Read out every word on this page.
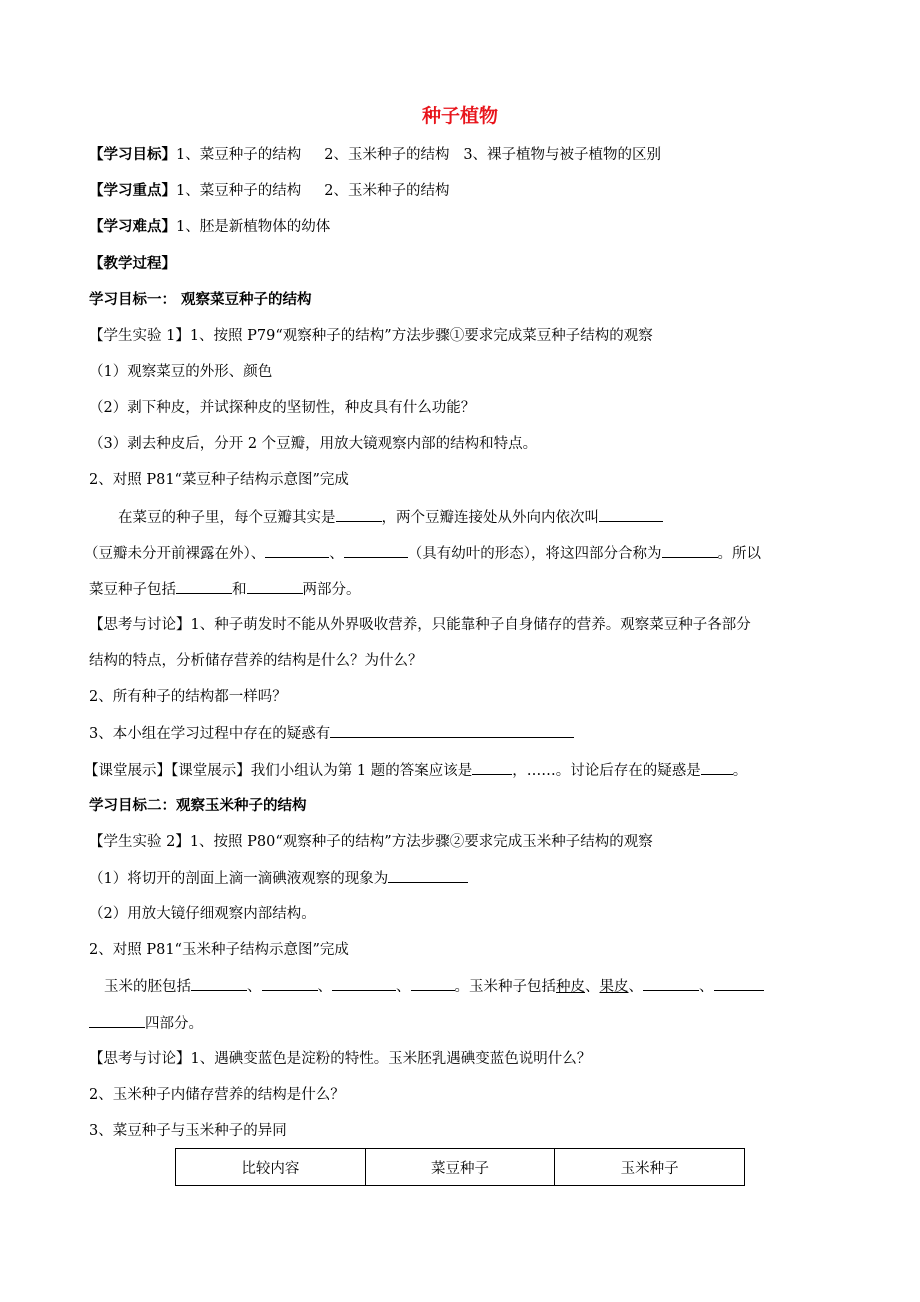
种子植物
【学习目标】1、菜豆种子的结构     2、玉米种子的结构   3、裸子植物与被子植物的区别
【学习重点】1、菜豆种子的结构     2、玉米种子的结构
【学习难点】1、胚是新植物体的幼体
【教学过程】
学习目标一： 观察菜豆种子的结构
【学生实验 1】1、按照 P79“观察种子的结构”方法步骤①要求完成菜豆种子结构的观察
（1）观察菜豆的外形、颜色
（2）剥下种皮，并试探种皮的坚韧性，种皮具有什么功能？
（3）剥去种皮后，分开 2 个豆瓣，用放大镜观察内部的结构和特点。
2、对照 P81“菜豆种子结构示意图”完成
在菜豆的种子里，每个豆瓣其实是	，两个豆瓣连接处从外向内依次叫
（豆瓣未分开前裸露在外）、	、	（具有幼叶的形态），将这四部分合称为	。所以
菜豆种子包括	和	两部分。
【思考与讨论】1、种子萌发时不能从外界吸收营养，只能靠种子自身储存的营养。观察菜豆种子各部分
结构的特点，分析储存营养的结构是什么？为什么？
2、所有种子的结构都一样吗？
3、本小组在学习过程中存在的疑惑有
【课堂展示】【课堂展示】我们小组认为第 1 题的答案应该是	，……。讨论后存在的疑惑是 。
学习目标二：观察玉米种子的结构
【学生实验 2】1、按照 P80“观察种子的结构”方法步骤②要求完成玉米种子结构的观察
（1）将切开的剖面上滴一滴碘液观察的现象为
（2）用放大镜仔细观察内部结构。
2、对照 P81“玉米种子结构示意图”完成
玉米的胚包括	、	、	、	。玉米种子包括种皮、果皮、	、
四部分。
【思考与讨论】1、遇碘变蓝色是淀粉的特性。玉米胚乳遇碘变蓝色说明什么？
2、玉米种子内储存营养的结构是什么？
3、菜豆种子与玉米种子的异同
比较内容	菜豆种子	玉米种子
